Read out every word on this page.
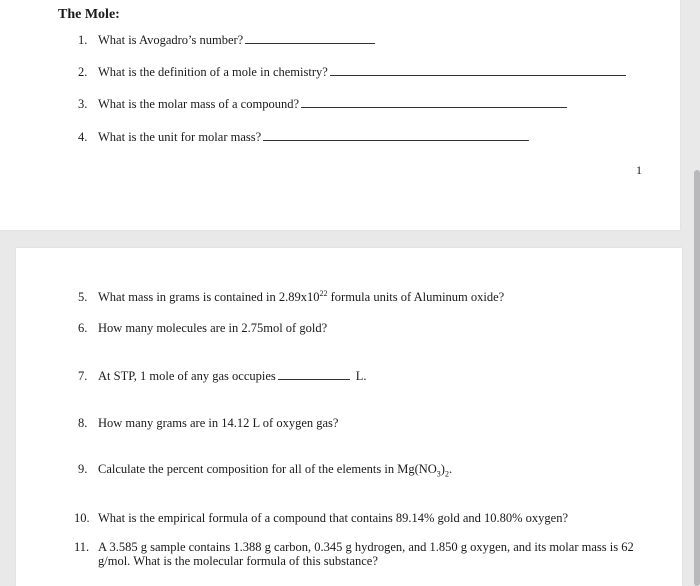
The Mole:
1. What is Avogadro’s number?
2. What is the definition of a mole in chemistry?
3. What is the molar mass of a compound?
4. What is the unit for molar mass?
1
5. What mass in grams is contained in $2.89x10^{22}$ formula units of Aluminum oxide?
6. How many molecules are in 2.75mol of gold?
7. At STP, 1 mole of any gas occupies	L.
8. How many grams are in 14.12 L of oxygen gas?
9. Calculate the percent composition for all of the elements in $Mg(NO_3)_2$.
10. What is the empirical formula of a compound that contains 89.14% gold and 10.80% oxygen?
11. A 3.585 g sample contains 1.388 g carbon, 0.345 g hydrogen, and 1.850 g oxygen, and its molar mass is 62 g/mol. What is the molecular formula of this substance?
